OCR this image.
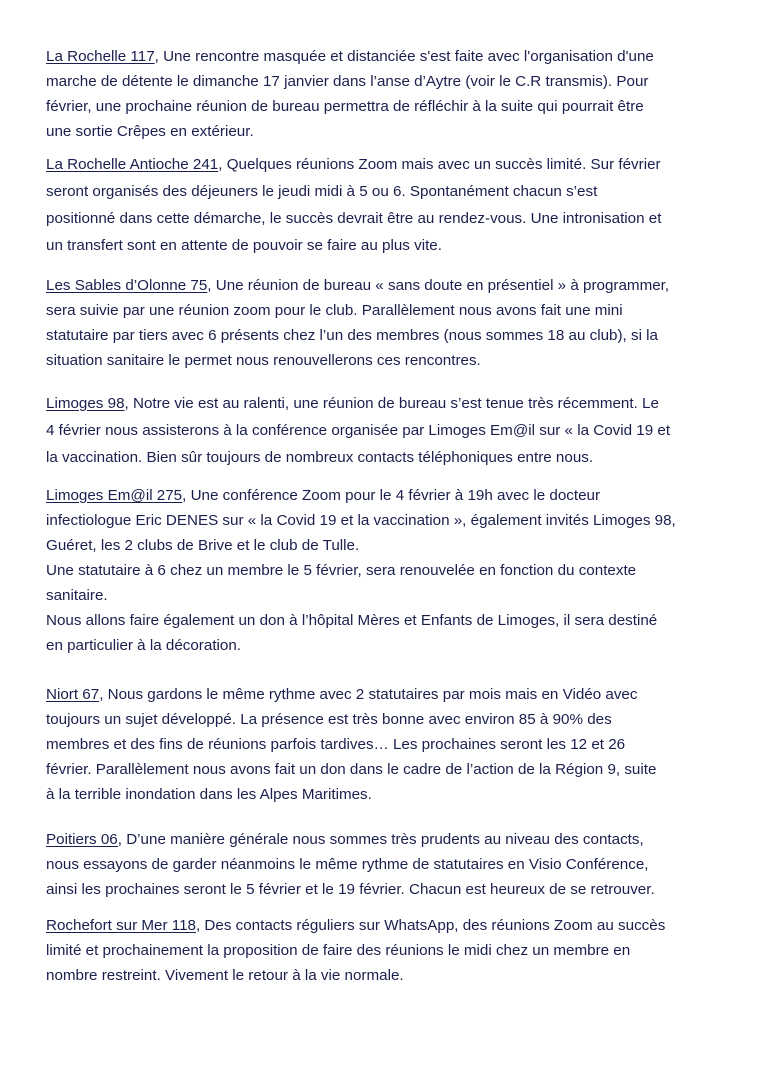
La Rochelle 117, Une rencontre masquée et distanciée s'est faite avec l'organisation d'une
marche de détente le dimanche 17 janvier dans l’anse d’Aytre (voir le C.R transmis). Pour
février, une prochaine réunion de bureau permettra de réfléchir à la suite qui pourrait être
une sortie Crêpes en extérieur.

La Rochelle Antioche 241, Quelques réunions Zoom mais avec un succès limité. Sur février
seront organisés des déjeuners le jeudi midi à 5 ou 6. Spontanément chacun s’est
positionné dans cette démarche, le succès devrait être au rendez-vous. Une intronisation et
un transfert sont en attente de pouvoir se faire au plus vite.

Les Sables d’Olonne 75, Une réunion de bureau « sans doute en présentiel » à programmer,
sera suivie par une réunion zoom pour le club. Parallèlement nous avons fait une mini
statutaire par tiers avec 6 présents chez l’un des membres (nous sommes 18 au club), si la
situation sanitaire le permet nous renouvellerons ces rencontres.

Limoges 98, Notre vie est au ralenti, une réunion de bureau s’est tenue très récemment. Le
4 février nous assisterons à la conférence organisée par Limoges Em@il sur « la Covid 19 et
la vaccination. Bien sûr toujours de nombreux contacts téléphoniques entre nous.

Limoges Em@il 275, Une conférence Zoom pour le 4 février à 19h avec le docteur
infectiologue Eric DENES sur « la Covid 19 et la vaccination », également invités Limoges 98,
Guéret, les 2 clubs de Brive et le club de Tulle.
Une statutaire à 6 chez un membre le 5 février, sera renouvelée en fonction du contexte
sanitaire.
Nous allons faire également un don à l’hôpital Mères et Enfants de Limoges, il sera destiné
en particulier à la décoration.

Niort 67, Nous gardons le même rythme avec 2 statutaires par mois mais en Vidéo avec
toujours un sujet développé. La présence est très bonne avec environ 85 à 90% des
membres et des fins de réunions parfois tardives… Les prochaines seront les 12 et 26
février. Parallèlement nous avons fait un don dans le cadre de l’action de la Région 9, suite
à la terrible inondation dans les Alpes Maritimes.

Poitiers 06, D’une manière générale nous sommes très prudents au niveau des contacts,
nous essayons de garder néanmoins le même rythme de statutaires en Visio Conférence,
ainsi les prochaines seront le 5 février et le 19 février. Chacun est heureux de se retrouver.

Rochefort sur Mer 118, Des contacts réguliers sur WhatsApp, des réunions Zoom au succès
limité et prochainement la proposition de faire des réunions le midi chez un membre en
nombre restreint. Vivement le retour à la vie normale.
